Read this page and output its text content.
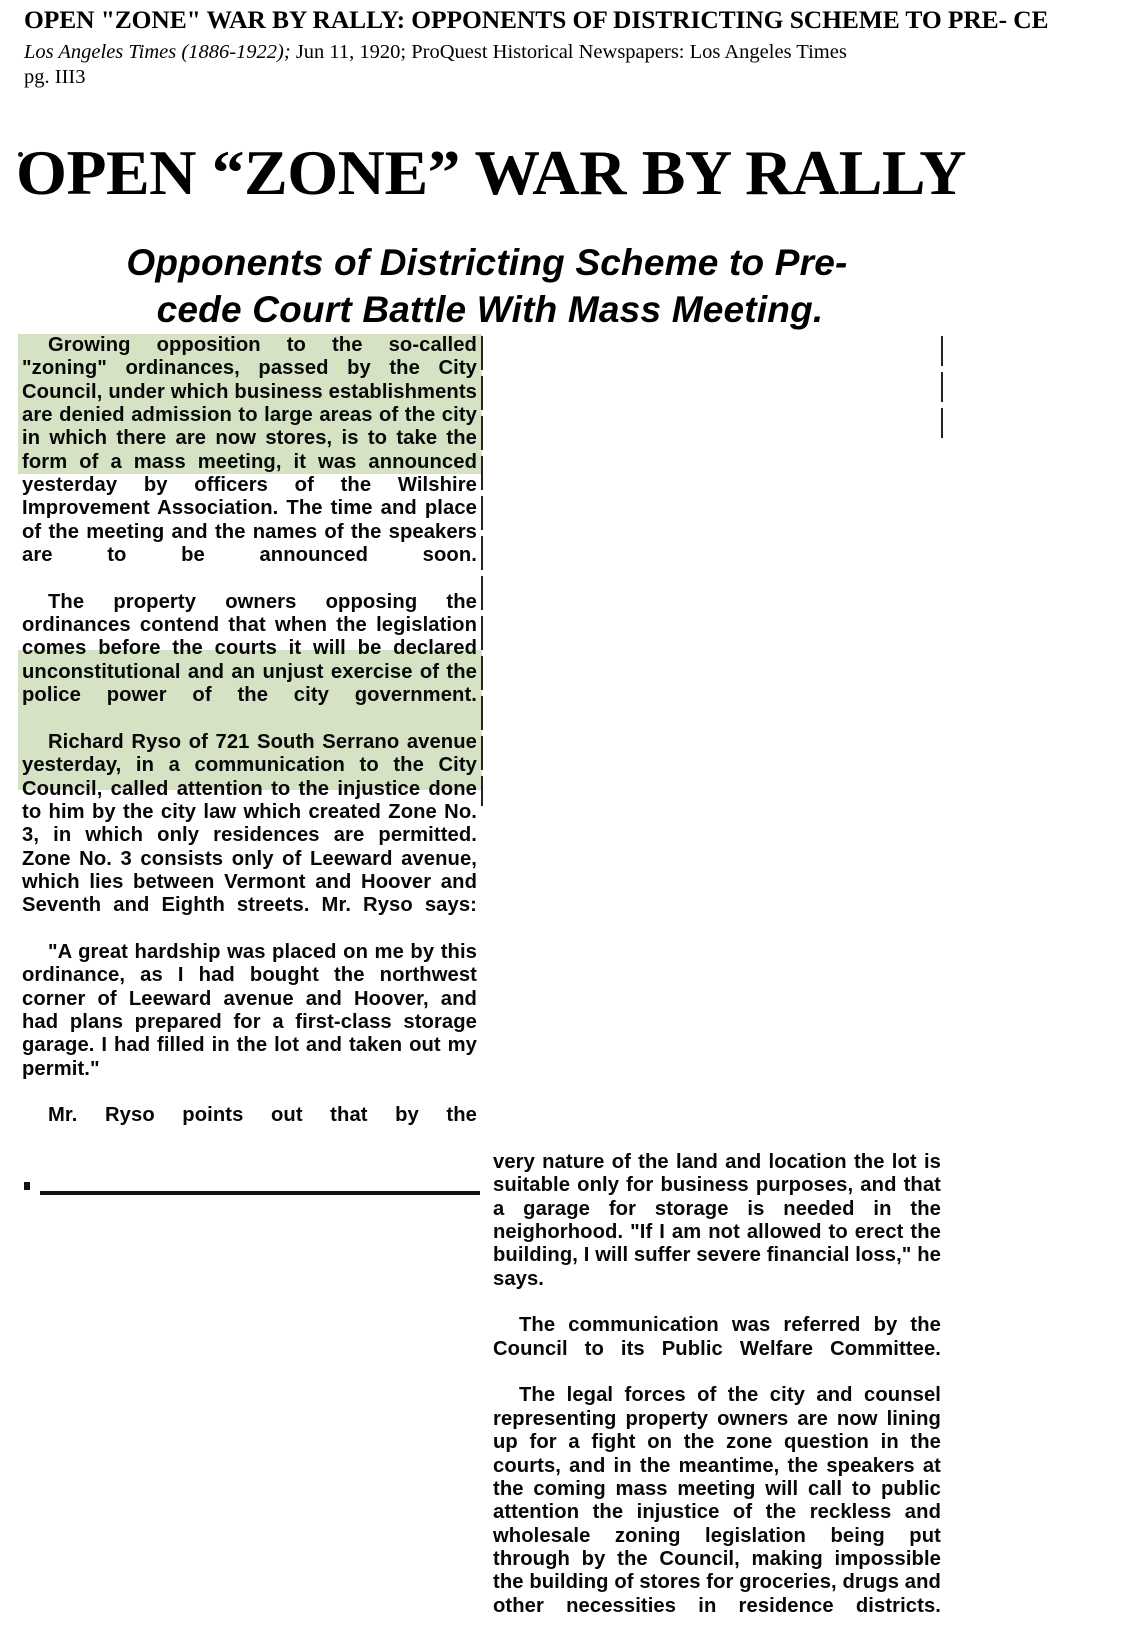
OPEN "ZONE" WAR BY RALLY: OPPONENTS OF DISTRICTING SCHEME TO PRE- CE
Los Angeles Times (1886-1922); Jun 11, 1920; ProQuest Historical Newspapers: Los Angeles Times
pg. III3
OPEN “ZONE” WAR BY RALLY
Opponents of Districting Scheme to Pre-
cede Court Battle With Mass Meeting.

Growing opposition to the so-called "zoning" ordinances, passed by the City Council, under which business establishments are denied admission to large areas of the city in which there are now stores, is to take the form of a mass meeting, it was announced yesterday by officers of the Wilshire Improvement Association. The time and place of the meeting and the names of the speakers are to be announced soon.

The property owners opposing the ordinances contend that when the legislation comes before the courts it will be declared unconstitutional and an unjust exercise of the police power of the city government.

Richard Ryso of 721 South Serrano avenue yesterday, in a communication to the City Council, called attention to the injustice done to him by the city law which created Zone No. 3, in which only residences are permitted. Zone No. 3 consists only of Leeward avenue, which lies between Vermont and Hoover and Seventh and Eighth streets. Mr. Ryso says:

"A great hardship was placed on me by this ordinance, as I had bought the northwest corner of Leeward avenue and Hoover, and had plans prepared for a first-class storage garage. I had filled in the lot and taken out my permit."

Mr. Ryso points out that by the

very nature of the land and location the lot is suitable only for business purposes, and that a garage for storage is needed in the neighorhood. "If I am not allowed to erect the building, I will suffer severe financial loss," he says.

The communication was referred by the Council to its Public Welfare Committee.

The legal forces of the city and counsel representing property owners are now lining up for a fight on the zone question in the courts, and in the meantime, the speakers at the coming mass meeting will call to public attention the injustice of the reckless and wholesale zoning legislation being put through by the Council, making impossible the building of stores for groceries, drugs and other necessities in residence districts.
